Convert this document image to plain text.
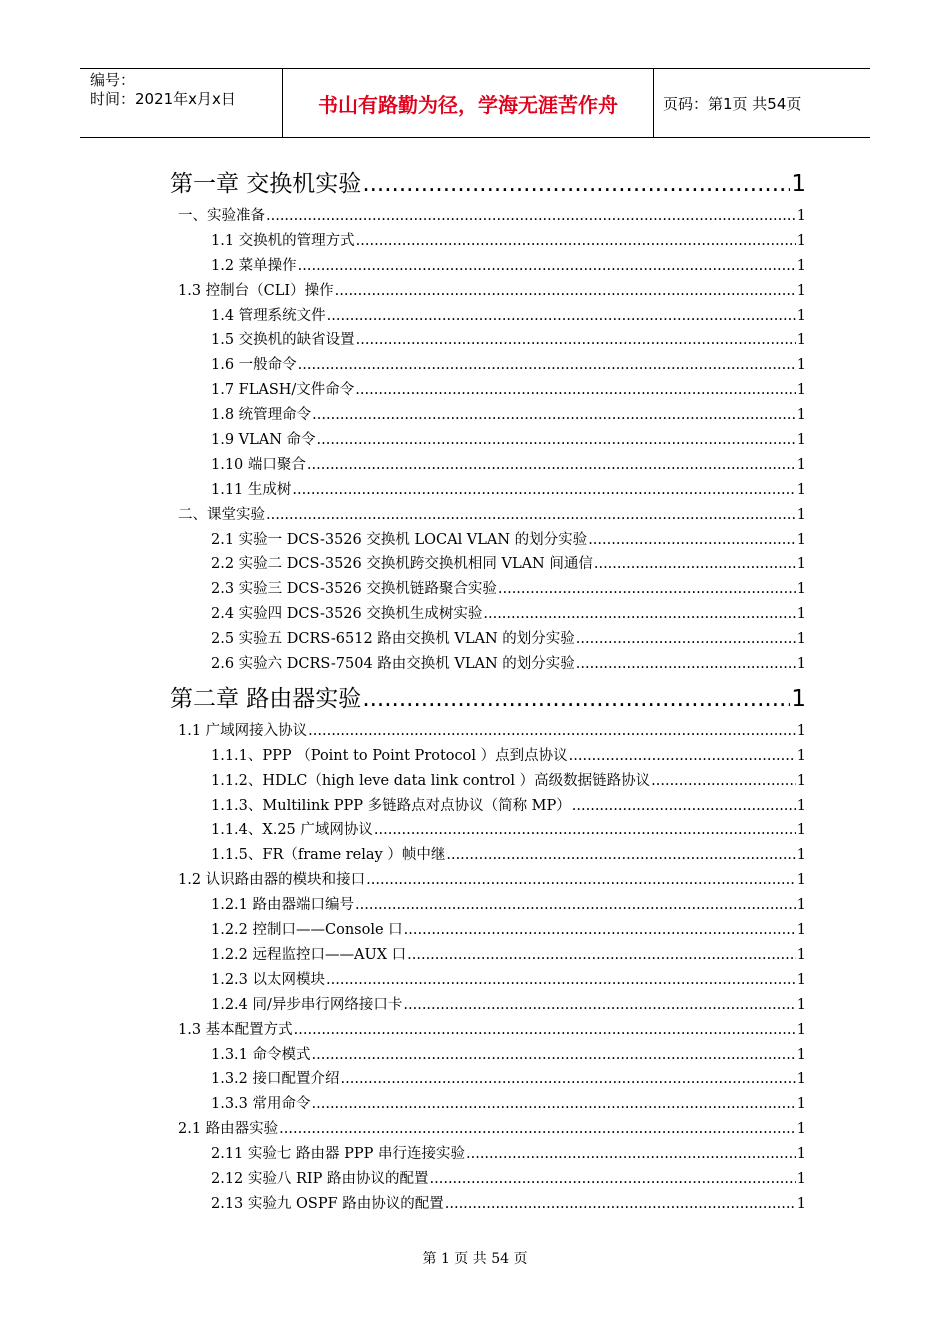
编号：
时间：2021年x月x日	书山有路勤为径，学海无涯苦作舟	页码：第1页 共54页
第一章 交换机实验 .....	1
一、实验准备 .....	1
1.1 交换机的管理方式 .....	1
1.2 菜单操作 .....	1
1.3 控制台（CLI）操作 .....	1
1.4 管理系统文件 .....	1
1.5 交换机的缺省设置 .....	1
1.6 一般命令 .....	1
1.7 FLASH/文件命令 .....	1
1.8 统管理命令 .....	1
1.9 VLAN 命令 .....	1
1.10 端口聚合 .....	1
1.11 生成树 .....	1
二、课堂实验 .....	1
2.1 实验一 DCS-3526 交换机 LOCAl VLAN 的划分实验 .....	1
2.2 实验二 DCS-3526 交换机跨交换机相同 VLAN 间通信 .....	1
2.3 实验三 DCS-3526 交换机链路聚合实验 .....	1
2.4 实验四 DCS-3526 交换机生成树实验 .....	1
2.5 实验五 DCRS-6512 路由交换机 VLAN 的划分实验 .....	1
2.6 实验六 DCRS-7504 路由交换机 VLAN 的划分实验 .....	1
第二章 路由器实验 .....	1
1.1 广域网接入协议 .....	1
1.1.1、PPP （Point to Point Protocol ）点到点协议 .....	1
1.1.2、HDLC（high leve data link control ）高级数据链路协议 .....	1
1.1.3、Multilink PPP 多链路点对点协议（简称 MP） .....	1
1.1.4、X.25 广域网协议 .....	1
1.1.5、FR（frame relay ）帧中继 .....	1
1.2 认识路由器的模块和接口 .....	1
1.2.1 路由器端口编号 .....	1
1.2.2 控制口——Console 口 .....	1
1.2.2 远程监控口——AUX 口 .....	1
1.2.3 以太网模块 .....	1
1.2.4 同/异步串行网络接口卡 .....	1
1.3 基本配置方式 .....	1
1.3.1 命令模式 .....	1
1.3.2 接口配置介绍 .....	1
1.3.3 常用命令 .....	1
2.1 路由器实验 .....	1
2.11 实验七 路由器 PPP 串行连接实验 .....	1
2.12 实验八 RIP 路由协议的配置 .....	1
2.13 实验九 OSPF 路由协议的配置 .....	1
第 1 页 共 54 页
